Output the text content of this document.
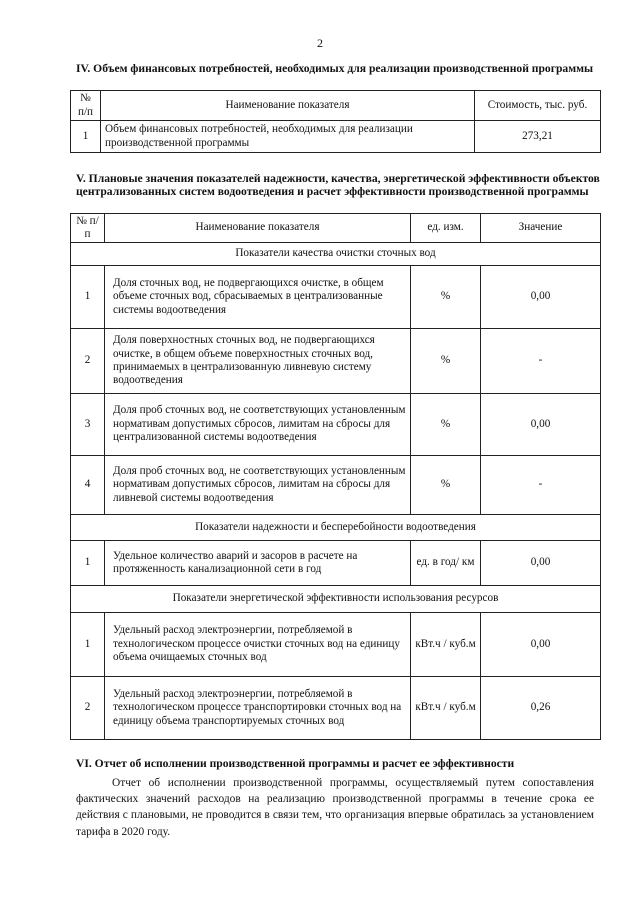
2
IV. Объем финансовых потребностей, необходимых для реализации производственной программы
№ п/п	Наименование показателя	Стоимость, тыс. руб.
1	Объем финансовых потребностей, необходимых для реализации производственной программы	273,21
V. Плановые значения показателей надежности, качества, энергетической эффективности объектов централизованных систем водоотведения и расчет эффективности производственной программы
№ п/п	Наименование показателя	ед. изм.	Значение
Показатели качества очистки сточных вод			
1	Доля сточных вод, не подвергающихся очистке, в общем объеме сточных вод, сбрасываемых в централизованные системы водоотведения	%	0,00
2	Доля поверхностных сточных вод, не подвергающихся очистке, в общем объеме поверхностных сточных вод, принимаемых в централизованную ливневую систему водоотведения	%	-
3	Доля проб сточных вод, не соответствующих установленным нормативам допустимых сбросов, лимитам на сбросы для централизованной системы водоотведения	%	0,00
4	Доля проб сточных вод, не соответствующих установленным нормативам допустимых сбросов, лимитам на сбросы для ливневой системы водоотведения	%	-
Показатели надежности и бесперебойности водоотведения			
1	Удельное количество аварий и засоров в расчете на протяженность канализационной сети в год	ед. в год/ км	0,00
Показатели энергетической эффективности использования ресурсов			
1	Удельный расход электроэнергии, потребляемой в технологическом процессе очистки сточных вод на единицу объема очищаемых сточных вод	кВт.ч / куб.м	0,00
2	Удельный расход электроэнергии, потребляемой в технологическом процессе транспортировки сточных вод на единицу объема транспортируемых сточных вод	кВт.ч / куб.м	0,26
VI. Отчет об исполнении производственной программы и расчет ее эффективности
Отчет об исполнении производственной программы, осуществляемый путем сопоставления фактических значений расходов на реализацию производственной программы в течение срока ее действия с плановыми, не проводится в связи тем, что организация впервые обратилась за установлением тарифа в 2020 году.
